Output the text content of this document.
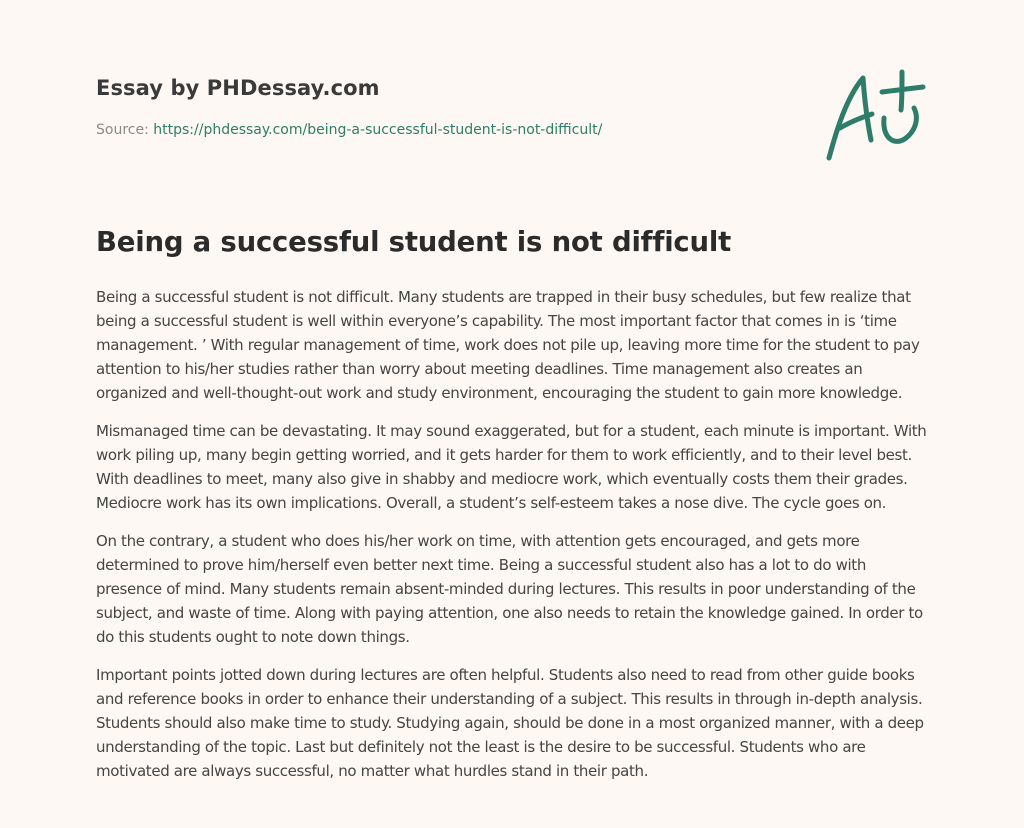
Essay by PHDessay.com
Source: https://phdessay.com/being-a-successful-student-is-not-difficult/
Being a successful student is not difficult

Being a successful student is not difficult. Many students are trapped in their busy schedules, but few realize that being a successful student is well within everyone’s capability. The most important factor that comes in is ‘time management. ’ With regular management of time, work does not pile up, leaving more time for the student to pay attention to his/her studies rather than worry about meeting deadlines. Time management also creates an organized and well-thought-out work and study environment, encouraging the student to gain more knowledge.

Mismanaged time can be devastating. It may sound exaggerated, but for a student, each minute is important. With work piling up, many begin getting worried, and it gets harder for them to work efficiently, and to their level best. With deadlines to meet, many also give in shabby and mediocre work, which eventually costs them their grades. Mediocre work has its own implications. Overall, a student’s self-esteem takes a nose dive. The cycle goes on.

On the contrary, a student who does his/her work on time, with attention gets encouraged, and gets more determined to prove him/herself even better next time. Being a successful student also has a lot to do with presence of mind. Many students remain absent-minded during lectures. This results in poor understanding of the subject, and waste of time. Along with paying attention, one also needs to retain the knowledge gained. In order to do this students ought to note down things.

Important points jotted down during lectures are often helpful. Students also need to read from other guide books and reference books in order to enhance their understanding of a subject. This results in through in-depth analysis. Students should also make time to study. Studying again, should be done in a most organized manner, with a deep understanding of the topic. Last but definitely not the least is the desire to be successful. Students who are motivated are always successful, no matter what hurdles stand in their path.
